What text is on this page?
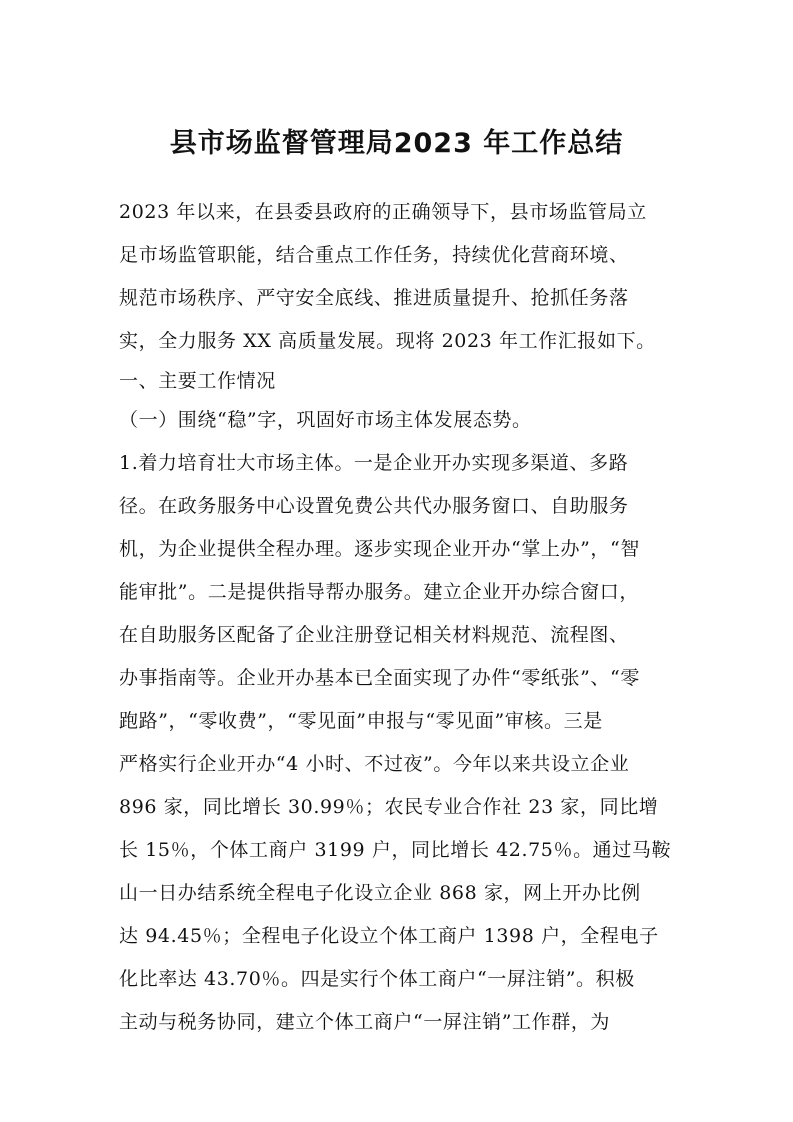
县市场监督管理局2023 年工作总结

2023 年以来，在县委县政府的正确领导下，县市场监管局立

足市场监管职能，结合重点工作任务，持续优化营商环境、

规范市场秩序、严守安全底线、推进质量提升、抢抓任务落

实，全力服务 XX 高质量发展。现将 2023 年工作汇报如下。

一、主要工作情况

（一）围绕“稳”字，巩固好市场主体发展态势。

1.着力培育壮大市场主体。一是企业开办实现多渠道、多路

径。在政务服务中心设置免费公共代办服务窗口、自助服务

机，为企业提供全程办理。逐步实现企业开办“掌上办”，“智

能审批”。二是提供指导帮办服务。建立企业开办综合窗口，

在自助服务区配备了企业注册登记相关材料规范、流程图、

办事指南等。企业开办基本已全面实现了办件“零纸张”、“零

跑路”，“零收费”，“零见面”申报与“零见面”审核。三是

严格实行企业开办“4 小时、不过夜”。今年以来共设立企业

896 家，同比增长 30.99％；农民专业合作社 23 家，同比增

长 15％，个体工商户 3199 户，同比增长 42.75％。通过马鞍

山一日办结系统全程电子化设立企业 868 家，网上开办比例

达 94.45％；全程电子化设立个体工商户 1398 户，全程电子

化比率达 43.70％。四是实行个体工商户“一屏注销”。积极

主动与税务协同，建立个体工商户“一屏注销”工作群，为
